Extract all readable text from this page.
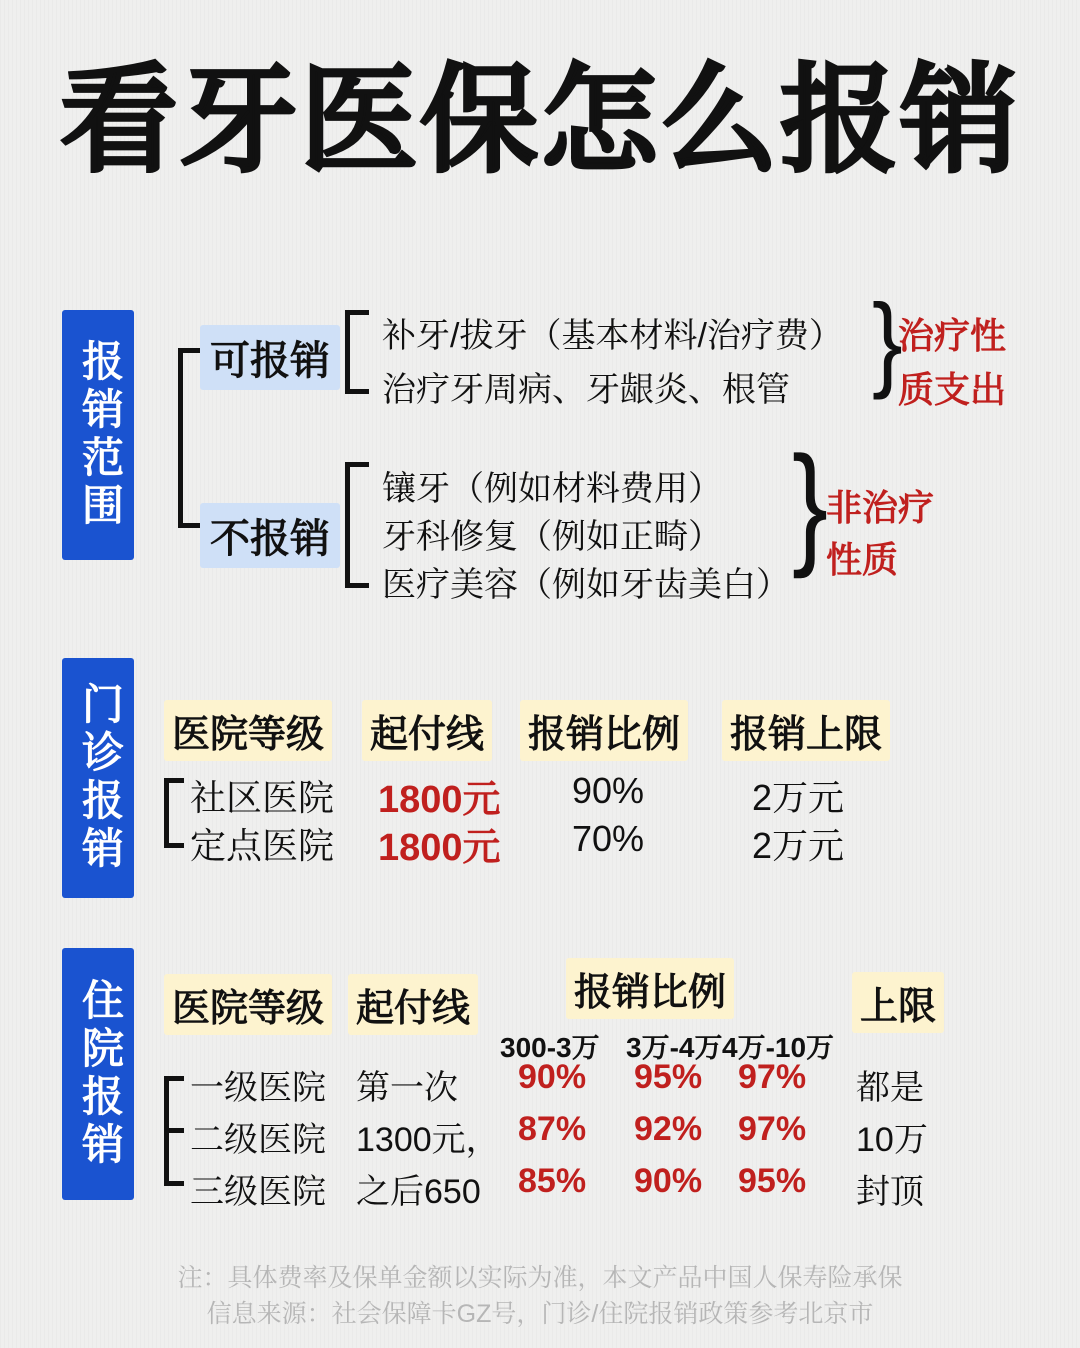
看牙医保怎么报销
报销范围 可报销
补牙/拔牙（基本材料/治疗费）
治疗牙周病、牙龈炎、根管 }
治疗性
质支出
不报销
镶牙（例如材料费用）
牙科修复（例如正畸）
医疗美容（例如牙齿美白）
}
非治疗
性质
门诊报销 医院等级 起付线 报销比例 报销上限
社区医院 1800元 90%	2万元
定点医院 1800元 70%	2万元
住院报销 医院等级 起付线	报销比例	上限
300-3万 3万-4万 4万-10万
一级医院 第一次 90% 95% 97% 都是
二级医院 1300元， 87% 92% 97% 10万
三级医院 之后650 85% 90% 95% 封顶
注：具体费率及保单金额以实际为准，本文产品中国人保寿险承保
信息来源：社会保障卡GZ号，门诊/住院报销政策参考北京市
